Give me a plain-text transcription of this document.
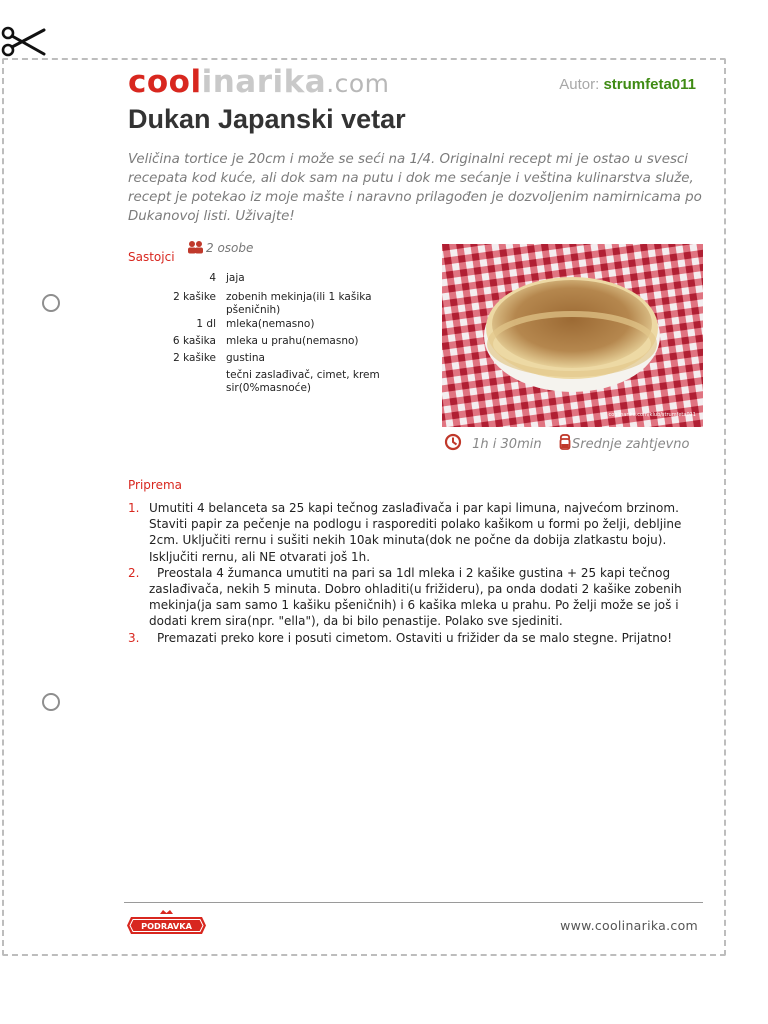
coolinarika.com	Autor: strumfeta011
Dukan Japanski vetar
Veličina tortice je 20cm i može se seći na 1/4. Originalni recept mi je ostao u svesci recepata kod kuće, ali dok sam na putu i dok me sećanje i veština kulinarstva služe, recept je potekao iz moje mašte i naravno prilagođen je dozvoljenim namirnicama po Dukanovoj listi. Uživajte!
Sastojci
2 osobe
4 jaja
2 kašike zobenih mekinja(ili 1 kašika pšeničnih)
1 dl mleka(nemasno)
6 kašika mleka u prahu(nemasno)
2 kašike gustina
tečni zaslađivač, cimet, krem sir(0%masnoće)
coolinarika.com/klub/strumfeta011
1h i 30min	Srednje zahtjevno
Priprema
1. Umutiti 4 belanceta sa 25 kapi tečnog zaslađivača i par kapi limuna, najvećom brzinom. Staviti papir za pečenje na podlogu i rasporediti polako kašikom u formi po želji, debljine 2cm. Uključiti rernu i sušiti nekih 10ak minuta(dok ne počne da dobija zlatkastu boju). Isključiti rernu, ali NE otvarati još 1h.
2. Preostala 4 žumanca umutiti na pari sa 1dl mleka i 2 kašike gustina + 25 kapi tečnog zaslađivača, nekih 5 minuta. Dobro ohladiti(u frižideru), pa onda dodati 2 kašike zobenih mekinja(ja sam samo 1 kašiku pšeničnih) i 6 kašika mleka u prahu. Po želji može se još i dodati krem sira(npr. "ella"), da bi bilo penastije. Polako sve sjediniti.
3. Premazati preko kore i posuti cimetom. Ostaviti u frižider da se malo stegne. Prijatno!
PODRAVKA	www.coolinarika.com
